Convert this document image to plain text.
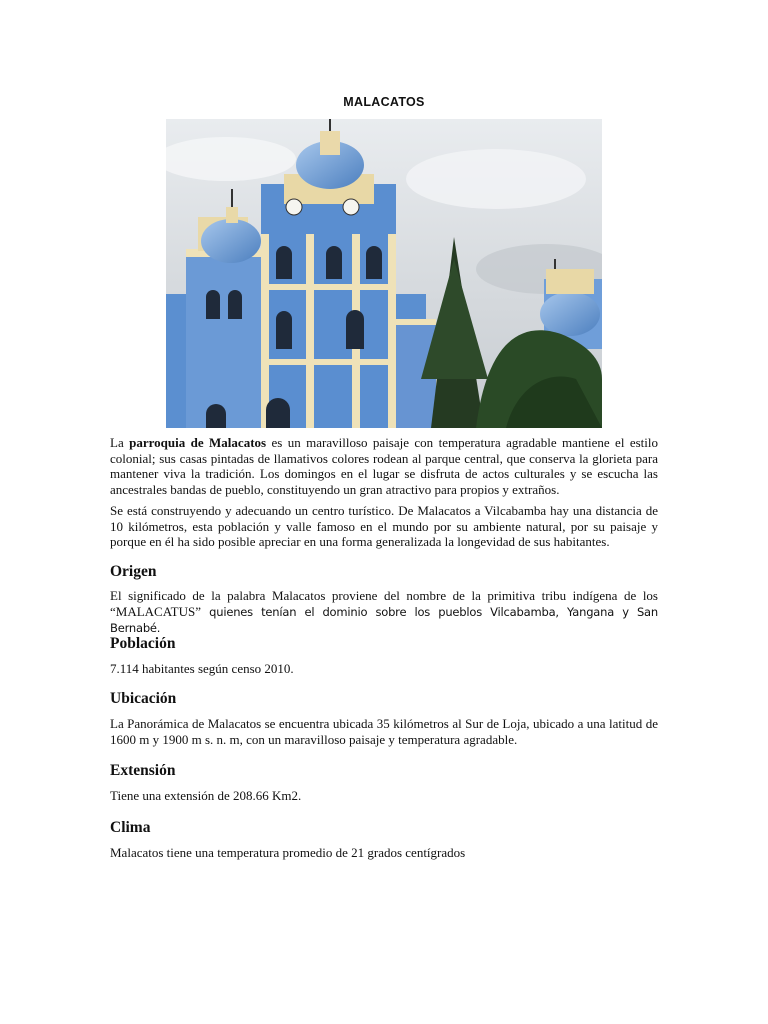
MALACATOS

La parroquia de Malacatos es un maravilloso paisaje con temperatura agradable mantiene el estilo colonial; sus casas pintadas de llamativos colores rodean al parque central, que conserva la glorieta para mantener viva la tradición. Los domingos en el lugar se disfruta de actos culturales y se escucha las ancestrales bandas de pueblo, constituyendo un gran atractivo para propios y extraños.

Se está construyendo y adecuando un centro turístico. De Malacatos a Vilcabamba hay una distancia de 10 kilómetros, esta población y valle famoso en el mundo por su ambiente natural, por su paisaje y porque en él ha sido posible apreciar en una forma generalizada la longevidad de sus habitantes.

Origen

El significado de la palabra Malacatos proviene del nombre de la primitiva tribu indígena de los “MALACATUS” quienes tenían el dominio sobre los pueblos Vilcabamba, Yangana y San Bernabé.

Población

7.114 habitantes según censo 2010.

Ubicación

La Panorámica de Malacatos se encuentra ubicada 35 kilómetros al Sur de Loja, ubicado a una latitud de 1600 m y 1900 m s. n. m, con un maravilloso paisaje y temperatura agradable.

Extensión

Tiene una extensión de 208.66 Km2.

Clima

Malacatos tiene una temperatura promedio de 21 grados centígrados
